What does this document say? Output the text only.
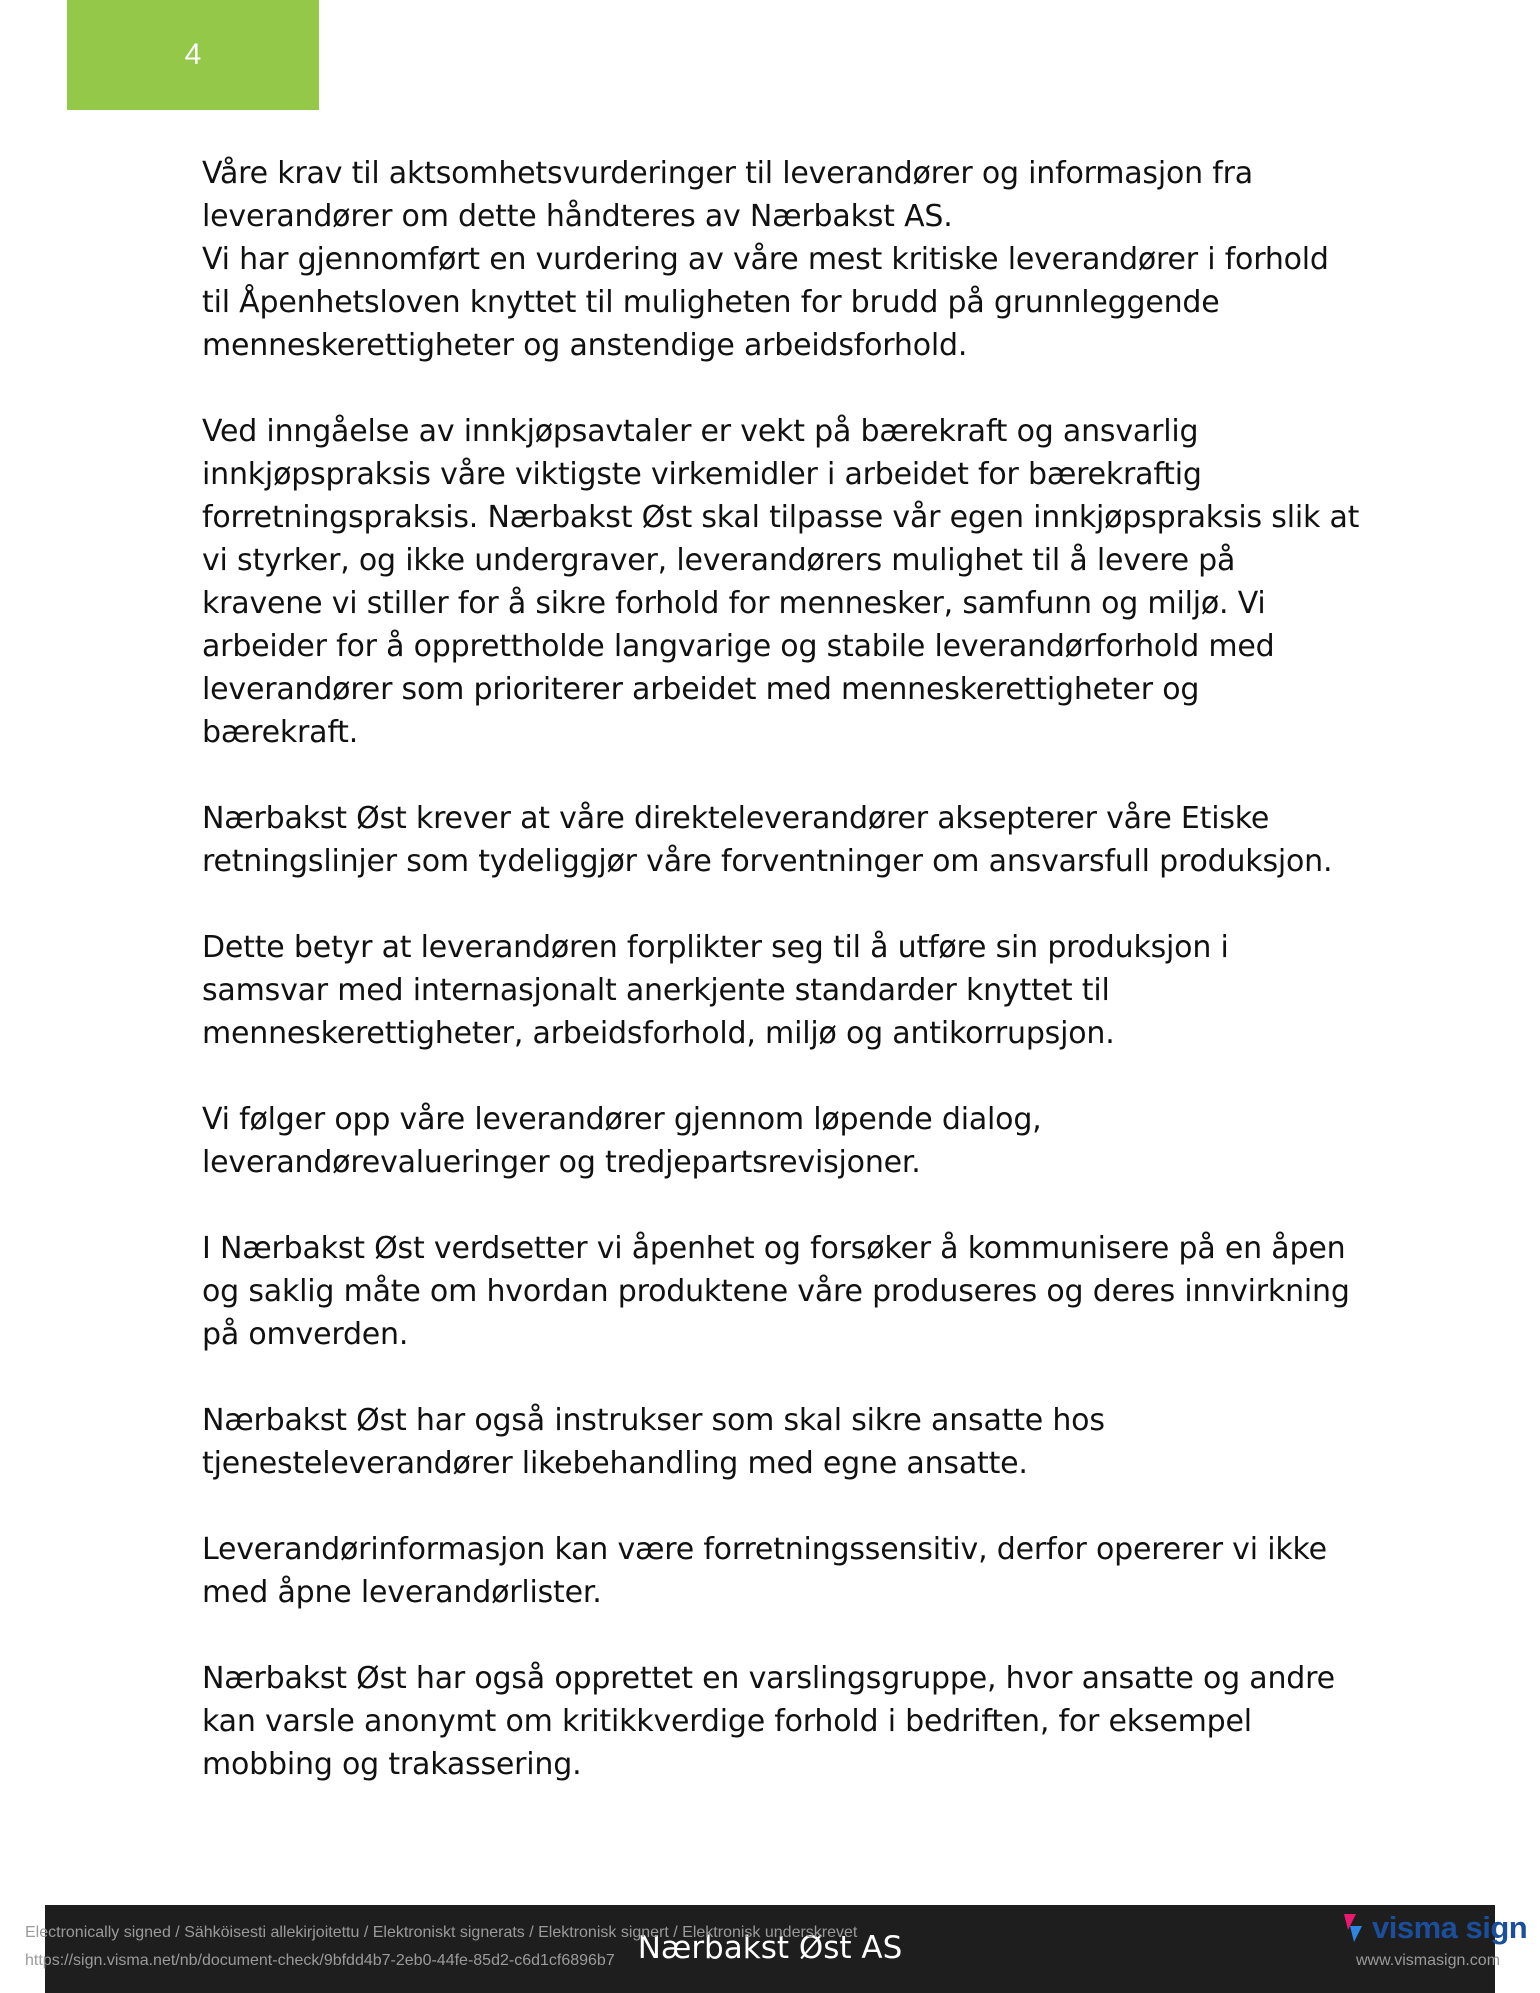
4
Våre krav til aktsomhetsvurderinger til leverandører og informasjon fra leverandører om dette håndteres av Nærbakst AS.
Vi har gjennomført en vurdering av våre mest kritiske leverandører i forhold til Åpenhetsloven knyttet til muligheten for brudd på grunnleggende menneskerettigheter og anstendige arbeidsforhold.

Ved inngåelse av innkjøpsavtaler er vekt på bærekraft og ansvarlig innkjøpspraksis våre viktigste virkemidler i arbeidet for bærekraftig forretningspraksis. Nærbakst Øst skal tilpasse vår egen innkjøpspraksis slik at vi styrker, og ikke undergraver, leverandørers mulighet til å levere på kravene vi stiller for å sikre forhold for mennesker, samfunn og miljø. Vi arbeider for å opprettholde langvarige og stabile leverandørforhold med leverandører som prioriterer arbeidet med menneskerettigheter og bærekraft.

Nærbakst Øst krever at våre direkteleverandører aksepterer våre Etiske retningslinjer som tydeliggjør våre forventninger om ansvarsfull produksjon.

Dette betyr at leverandøren forplikter seg til å utføre sin produksjon i samsvar med internasjonalt anerkjente standarder knyttet til menneskerettigheter, arbeidsforhold, miljø og antikorrupsjon.

Vi følger opp våre leverandører gjennom løpende dialog, leverandørevalueringer og tredjepartsrevisjoner.

I Nærbakst Øst verdsetter vi åpenhet og forsøker å kommunisere på en åpen og saklig måte om hvordan produktene våre produseres og deres innvirkning på omverden.

Nærbakst Øst har også instrukser som skal sikre ansatte hos tjenesteleverandører likebehandling med egne ansatte.

Leverandørinformasjon kan være forretningssensitiv, derfor opererer vi ikke med åpne leverandørlister.

Nærbakst Øst har også opprettet en varslingsgruppe, hvor ansatte og andre kan varsle anonymt om kritikkverdige forhold i bedriften, for eksempel mobbing og trakassering.

Nærbakst Øst AS
Electronically signed / Sähköisesti allekirjoitettu / Elektroniskt signerats / Elektronisk signert / Elektronisk underskrevet
https://sign.visma.net/nb/document-check/9bfdd4b7-2eb0-44fe-85d2-c6d1cf6896b7
visma sign
www.vismasign.com
